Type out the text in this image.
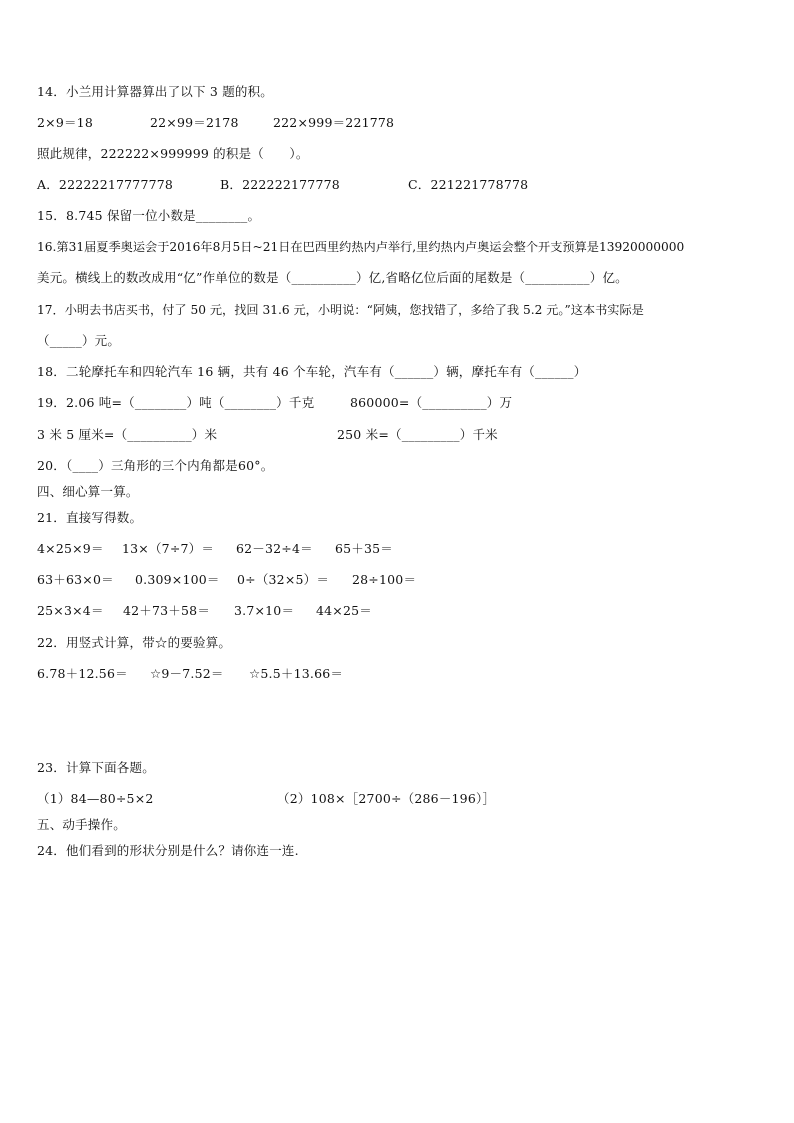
14．小兰用计算器算出了以下 3 题的积。
2×9＝18	22×99＝2178	222×999＝221778
照此规律，222222×999999 的积是（　　）。
A．22222217777778	B．222222177778	C．221221778778
15．8.745 保留一位小数是________。
16.第31届夏季奥运会于2016年8月5日~21日在巴西里约热内卢举行,里约热内卢奥运会整个开支预算是13920000000
美元。横线上的数改成用“亿”作单位的数是（__________）亿,省略亿位后面的尾数是（__________）亿。
17．小明去书店买书，付了 50 元，找回 31.6 元，小明说：“阿姨，您找错了，多给了我 5.2 元。”这本书实际是
（_____）元。
18．二轮摩托车和四轮汽车 16 辆，共有 46 个车轮，汽车有（______）辆，摩托车有（______）
19．2.06 吨=（________）吨（________）千克	860000=（__________）万
3 米 5 厘米=（__________）米	250 米=（_________）千米
20．（____）三角形的三个内角都是60°。
四、细心算一算。
21．直接写得数。
4×25×9＝ 13×（7÷7）＝ 62－32÷4＝ 65＋35＝
63＋63×0＝ 0.309×100＝ 0÷（32×5）＝ 28÷100＝
25×3×4＝ 42＋73＋58＝ 3.7×10＝ 44×25＝
22．用竖式计算，带☆的要验算。
6.78＋12.56＝ ☆9－7.52＝ ☆5.5＋13.66＝
23．计算下面各题。
（1）84—80÷5×2	（2）108×［2700÷（286－196）］
五、动手操作。
24．他们看到的形状分别是什么？请你连一连.
